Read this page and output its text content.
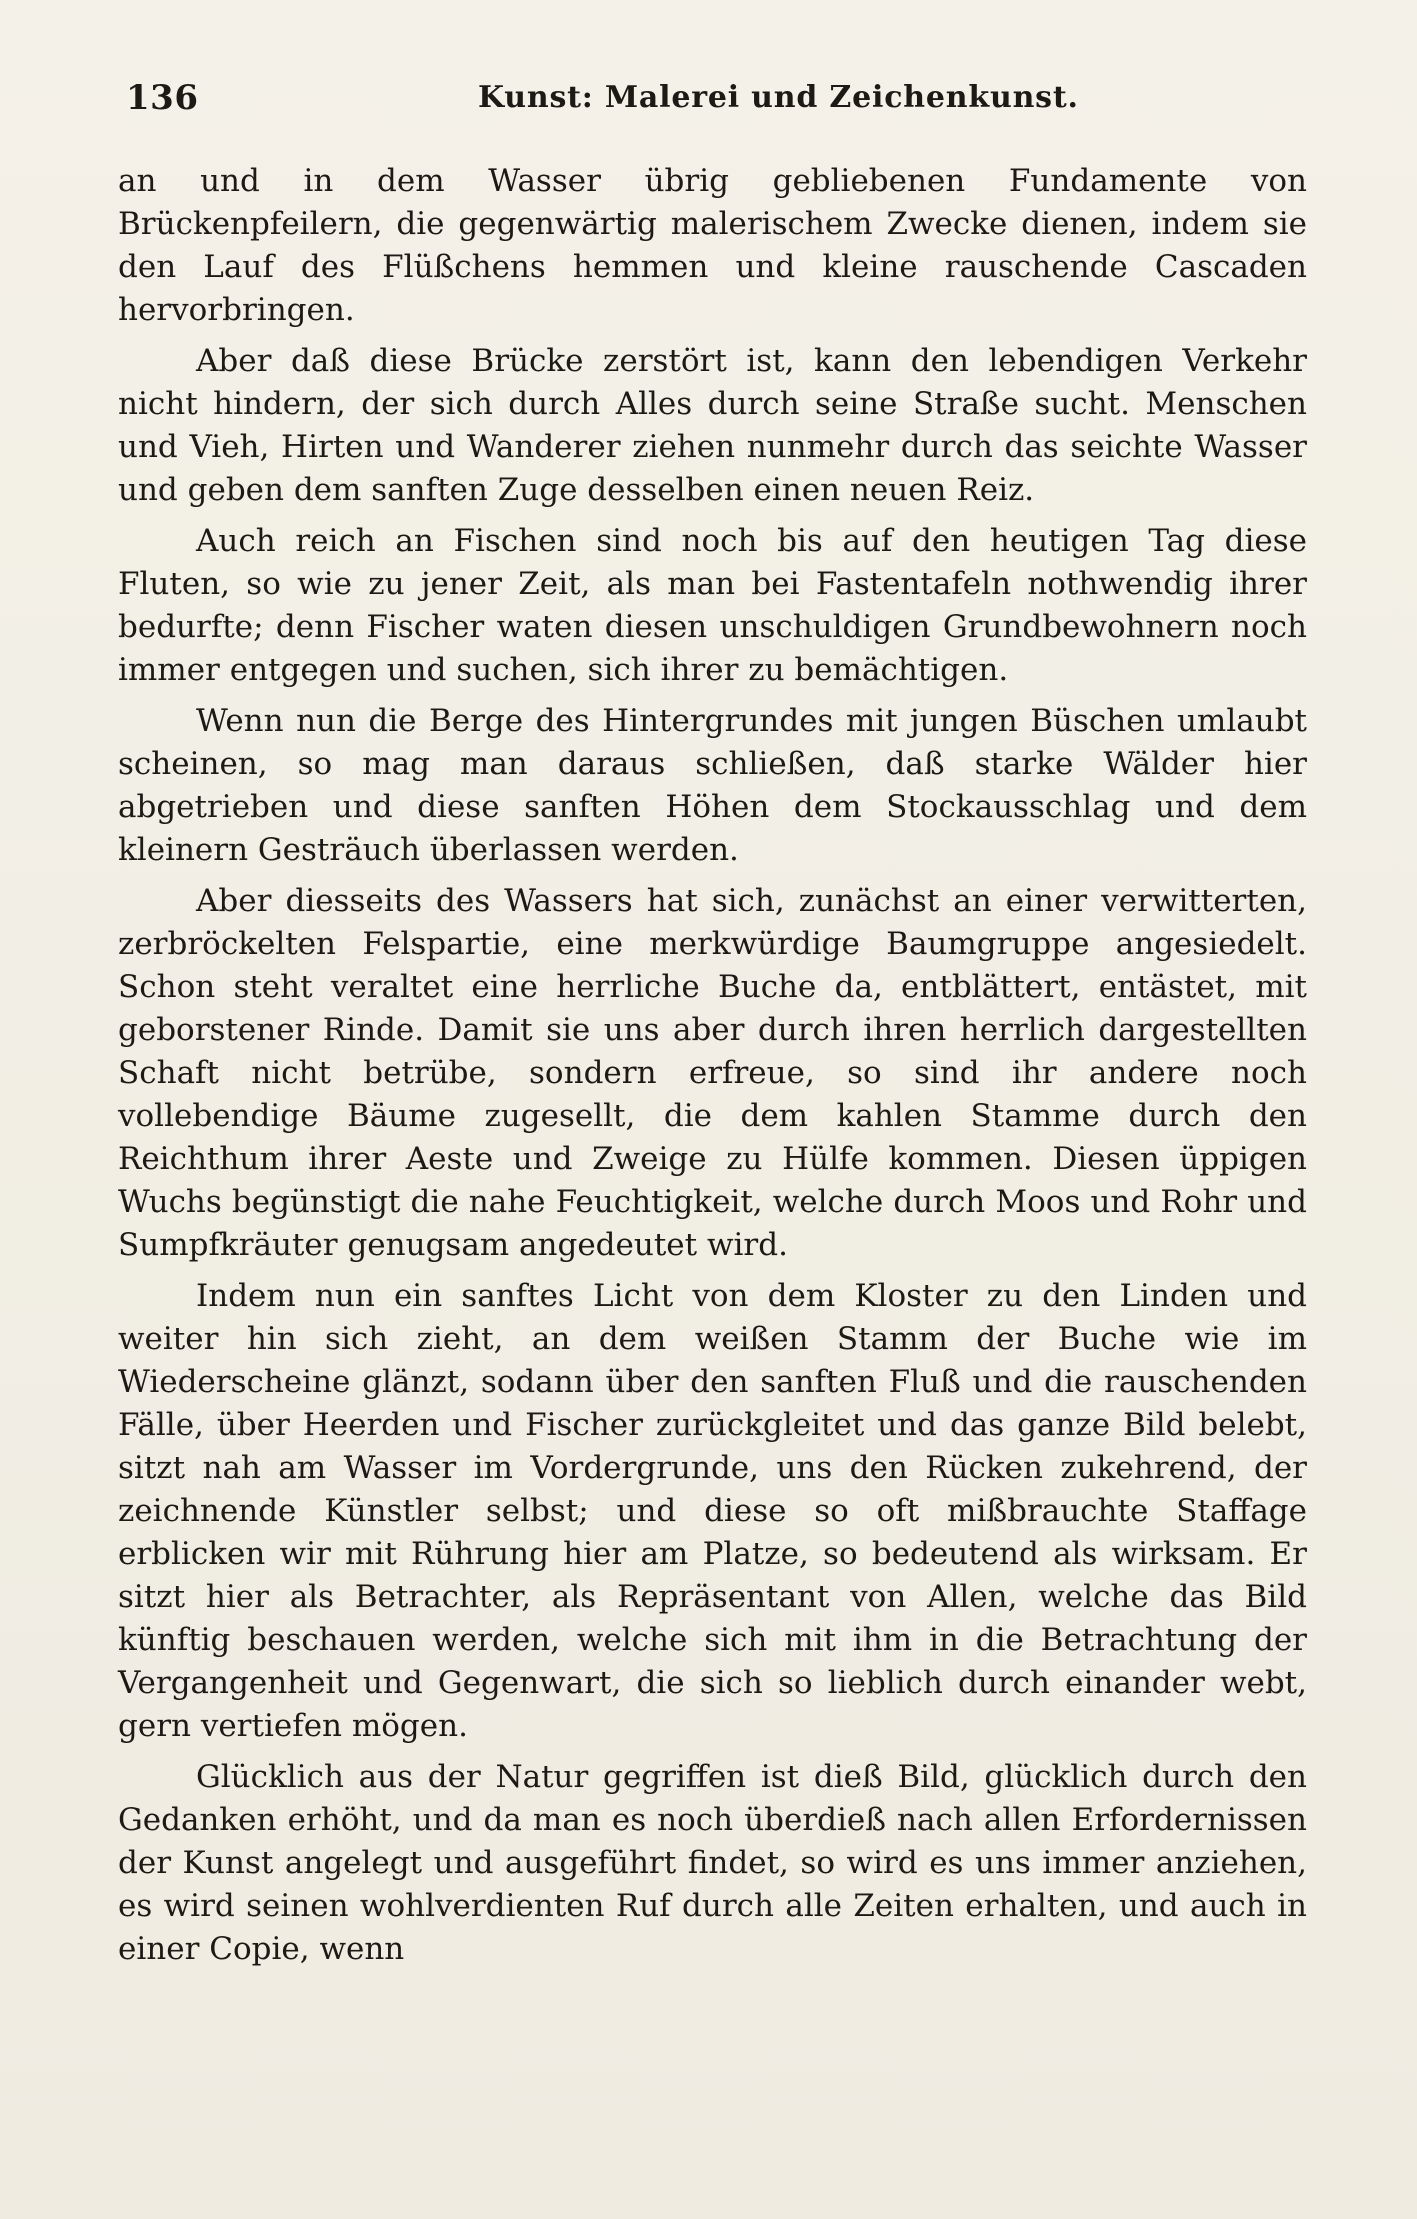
136	Kunst: Malerei und Zeichenkunst.

an und in dem Wasser übrig gebliebenen Fundamente von Brückenpfeilern, die gegenwärtig malerischem Zwecke dienen, indem sie den Lauf des Flüßchens hemmen und kleine rauschende Cascaden hervorbringen.

Aber daß diese Brücke zerstört ist, kann den lebendigen Verkehr nicht hindern, der sich durch Alles durch seine Straße sucht. Menschen und Vieh, Hirten und Wanderer ziehen nunmehr durch das seichte Wasser und geben dem sanften Zuge desselben einen neuen Reiz.

Auch reich an Fischen sind noch bis auf den heutigen Tag diese Fluten, so wie zu jener Zeit, als man bei Fastentafeln nothwendig ihrer bedurfte; denn Fischer waten diesen unschuldigen Grundbewohnern noch immer entgegen und suchen, sich ihrer zu bemächtigen.

Wenn nun die Berge des Hintergrundes mit jungen Büschen umlaubt scheinen, so mag man daraus schließen, daß starke Wälder hier abgetrieben und diese sanften Höhen dem Stockausschlag und dem kleinern Gesträuch überlassen werden.

Aber diesseits des Wassers hat sich, zunächst an einer verwitterten, zerbröckelten Felspartie, eine merkwürdige Baumgruppe angesiedelt. Schon steht veraltet eine herrliche Buche da, entblättert, entästet, mit geborstener Rinde. Damit sie uns aber durch ihren herrlich dargestellten Schaft nicht betrübe, sondern erfreue, so sind ihr andere noch vollebendige Bäume zugesellt, die dem kahlen Stamme durch den Reichthum ihrer Aeste und Zweige zu Hülfe kommen. Diesen üppigen Wuchs begünstigt die nahe Feuchtigkeit, welche durch Moos und Rohr und Sumpfkräuter genugsam angedeutet wird.

Indem nun ein sanftes Licht von dem Kloster zu den Linden und weiter hin sich zieht, an dem weißen Stamm der Buche wie im Wiederscheine glänzt, sodann über den sanften Fluß und die rauschenden Fälle, über Heerden und Fischer zurückgleitet und das ganze Bild belebt, sitzt nah am Wasser im Vordergrunde, uns den Rücken zukehrend, der zeichnende Künstler selbst; und diese so oft mißbrauchte Staffage erblicken wir mit Rührung hier am Platze, so bedeutend als wirksam. Er sitzt hier als Betrachter, als Repräsentant von Allen, welche das Bild künftig beschauen werden, welche sich mit ihm in die Betrachtung der Vergangenheit und Gegenwart, die sich so lieblich durch einander webt, gern vertiefen mögen.

Glücklich aus der Natur gegriffen ist dieß Bild, glücklich durch den Gedanken erhöht, und da man es noch überdieß nach allen Erfordernissen der Kunst angelegt und ausgeführt findet, so wird es uns immer anziehen, es wird seinen wohlverdienten Ruf durch alle Zeiten erhalten, und auch in einer Copie, wenn
